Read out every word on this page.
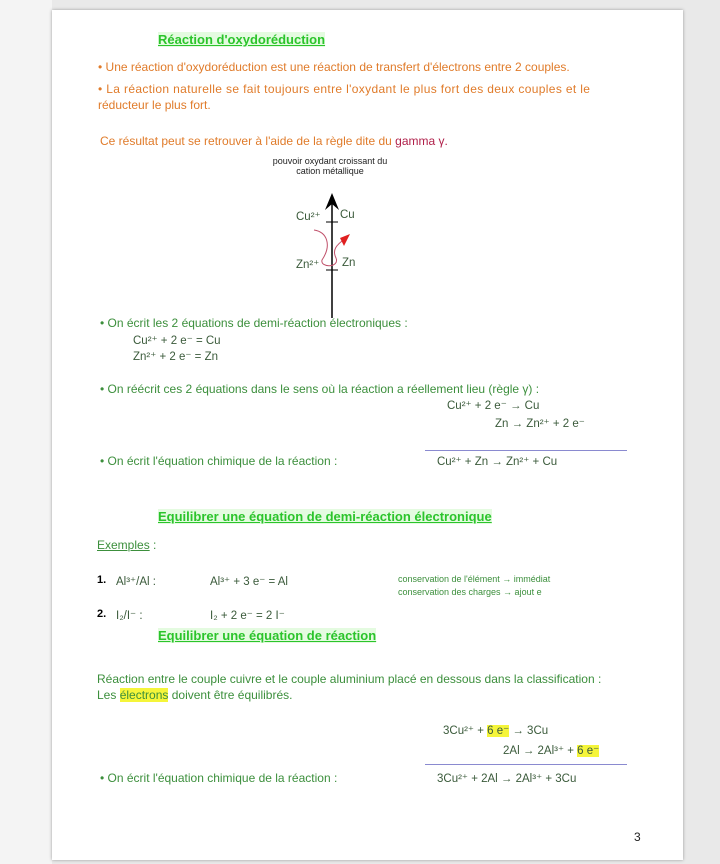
Réaction d'oxydoréduction
• Une réaction d'oxydoréduction est une réaction de transfert d'électrons entre 2 couples.
• La réaction naturelle se fait toujours entre l'oxydant le plus fort des deux couples et le
réducteur le plus fort.
Ce résultat peut se retrouver à l'aide de la règle dite du gamma γ.
pouvoir oxydant croissant du
cation métallique
Cu²⁺ Cu
Zn²⁺ Zn
• On écrit les 2 équations de demi-réaction électroniques :
Cu²⁺ + 2 e⁻ = Cu
Zn²⁺ + 2 e⁻ = Zn
• On réécrit ces 2 équations dans le sens où la réaction a réellement lieu (règle γ) :
Cu²⁺ + 2 e⁻ → Cu
Zn → Zn²⁺ + 2 e⁻
• On écrit l'équation chimique de la réaction :	Cu²⁺ + Zn → Zn²⁺ + Cu
Equilibrer une équation de demi-réaction électronique
Exemples :
1. Al³⁺/Al :	Al³⁺ + 3 e⁻ = Al	conservation de l'élément → immédiat
conservation des charges → ajout e
2. I₂/I⁻ :	I₂ + 2 e⁻ = 2 I⁻
Equilibrer une équation de réaction
Réaction entre le couple cuivre et le couple aluminium placé en dessous dans la classification :
Les électrons doivent être équilibrés.
3Cu²⁺ + 6 e⁻ → 3Cu
2Al → 2Al³⁺ + 6 e⁻
• On écrit l'équation chimique de la réaction :	3Cu²⁺ + 2Al → 2Al³⁺ + 3Cu
3
